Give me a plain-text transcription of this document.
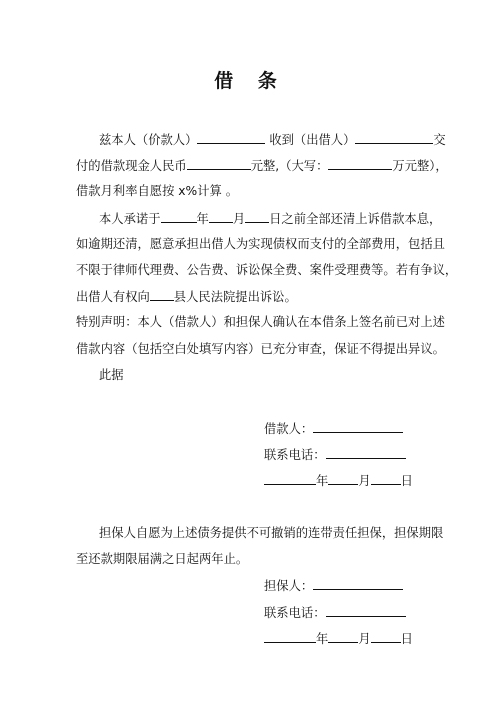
借 条
兹本人（价款人）	收到（出借人）	交
付的借款现金人民币	元整,（大写：	万元整），
借款月利率自愿按 x%计算 。
本人承诺于	年 月 日之前全部还清上诉借款本息，
如逾期还清，愿意承担出借人为实现债权而支付的全部费用，包括且
不限于律师代理费、公告费、诉讼保全费、案件受理费等。若有争议，
出借人有权向 县人民法院提出诉讼。
特别声明：本人（借款人）和担保人确认在本借条上签名前已对上述
借款内容（包括空白处填写内容）已充分审查，保证不得提出异议。
此据
借款人：
联系电话：
年 月 日
担保人自愿为上述债务提供不可撤销的连带责任担保，担保期限
至还款期限届满之日起两年止。
担保人：
联系电话：
年 月 日
